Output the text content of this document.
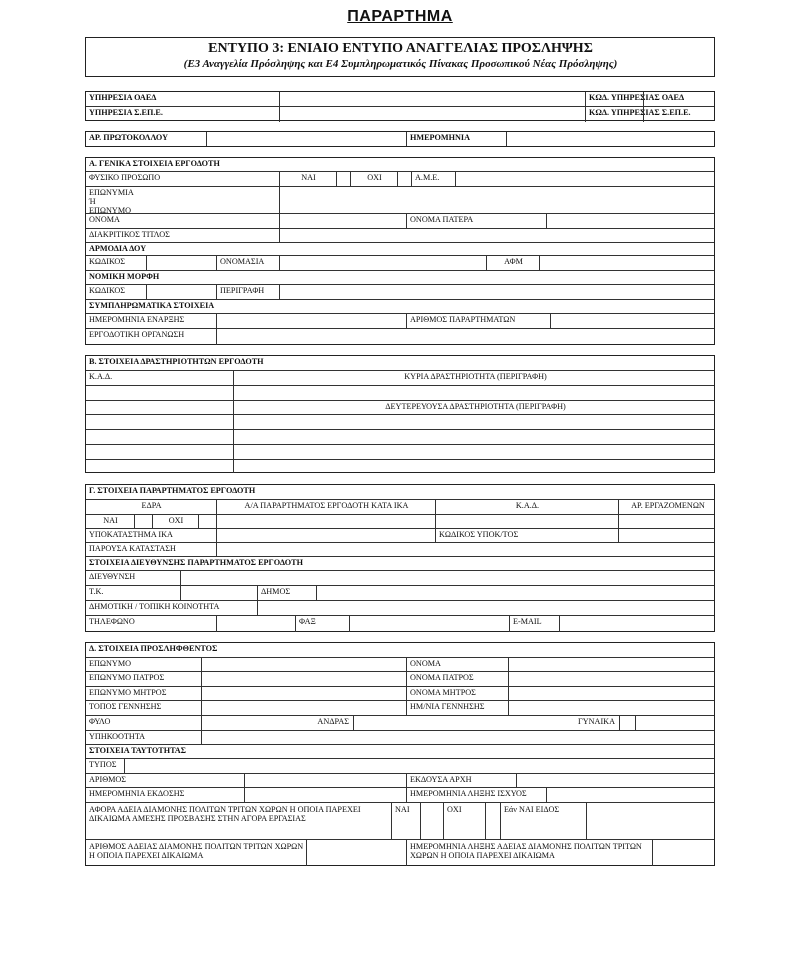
ΠΑΡΑΡΤΗΜΑ
ΕΝΤΥΠΟ 3: ΕΝΙΑΙΟ ΕΝΤΥΠΟ ΑΝΑΓΓΕΛΙΑΣ ΠΡΟΣΛΗΨΗΣ
(Ε3 Αναγγελία Πρόσληψης και Ε4 Συμπληρωματικός Πίνακας Προσωπικού Νέας Πρόσληψης)
ΥΠΗΡΕΣΙΑ ΟΑΕΔ	ΚΩΔ. ΥΠΗΡΕΣΙΑΣ ΟΑΕΔ
ΥΠΗΡΕΣΙΑ Σ.ΕΠ.Ε.	ΚΩΔ. ΥΠΗΡΕΣΙΑΣ Σ.ΕΠ.Ε.
ΑΡ. ΠΡΩΤΟΚΟΛΛΟΥ	ΗΜΕΡΟΜΗΝΙΑ
Α. ΓΕΝΙΚΑ ΣΤΟΙΧΕΙΑ ΕΡΓΟΔΟΤΗ
ΦΥΣΙΚΟ ΠΡΟΣΩΠΟ	ΝΑΙ	ΟΧΙ	Α.Μ.Ε.
ΕΠΩΝΥΜΙΑ Ή ΕΠΩΝΥΜΟ
ΟΝΟΜΑ	ΟΝΟΜΑ ΠΑΤΕΡΑ
ΔΙΑΚΡΙΤΙΚΟΣ ΤΙΤΛΟΣ
ΑΡΜΟΔΙΑ ΔΟΥ
ΚΩΔΙΚΟΣ	ΟΝΟΜΑΣΙΑ	ΑΦΜ
ΝΟΜΙΚΗ ΜΟΡΦΗ
ΚΩΔΙΚΟΣ	ΠΕΡΙΓΡΑΦΗ
ΣΥΜΠΛΗΡΩΜΑΤΙΚΑ ΣΤΟΙΧΕΙΑ
ΗΜΕΡΟΜΗΝΙΑ ΕΝΑΡΞΗΣ	ΑΡΙΘΜΟΣ ΠΑΡΑΡΤΗΜΑΤΩΝ
ΕΡΓΟΔΟΤΙΚΗ ΟΡΓΑΝΩΣΗ
Β. ΣΤΟΙΧΕΙΑ ΔΡΑΣΤΗΡΙΟΤΗΤΩΝ ΕΡΓΟΔΟΤΗ
Κ.Α.Δ.	ΚΥΡΙΑ ΔΡΑΣΤΗΡΙΟΤΗΤΑ (ΠΕΡΙΓΡΑΦΗ)
ΔΕΥΤΕΡΕΥΟΥΣΑ ΔΡΑΣΤΗΡΙΟΤΗΤΑ (ΠΕΡΙΓΡΑΦΗ)
Γ. ΣΤΟΙΧΕΙΑ ΠΑΡΑΡΤΗΜΑΤΟΣ ΕΡΓΟΔΟΤΗ
ΕΔΡΑ	Α/Α ΠΑΡΑΡΤΗΜΑΤΟΣ ΕΡΓΟΔΟΤΗ ΚΑΤΑ ΙΚΑ	Κ.Α.Δ.	ΑΡ. ΕΡΓΑΖΟΜΕΝΩΝ
ΝΑΙ	ΟΧΙ
ΥΠΟΚΑΤΑΣΤΗΜΑ ΙΚΑ	ΚΩΔΙΚΟΣ ΥΠΟΚ/ΤΟΣ
ΠΑΡΟΥΣΑ ΚΑΤΑΣΤΑΣΗ
ΣΤΟΙΧΕΙΑ ΔΙΕΥΘΥΝΣΗΣ ΠΑΡΑΡΤΗΜΑΤΟΣ ΕΡΓΟΔΟΤΗ
ΔΙΕΥΘΥΝΣΗ
Τ.Κ.	ΔΗΜΟΣ
ΔΗΜΟΤΙΚΗ / ΤΟΠΙΚΗ ΚΟΙΝΟΤΗΤΑ
ΤΗΛΕΦΩΝΟ	ΦΑΞ	E-MAIL
Δ. ΣΤΟΙΧΕΙΑ ΠΡΟΣΛΗΦΘΕΝΤΟΣ
ΕΠΩΝΥΜΟ	ΟΝΟΜΑ
ΕΠΩΝΥΜΟ ΠΑΤΡΟΣ	ΟΝΟΜΑ ΠΑΤΡΟΣ
ΕΠΩΝΥΜΟ ΜΗΤΡΟΣ	ΟΝΟΜΑ ΜΗΤΡΟΣ
ΤΟΠΟΣ ΓΕΝΝΗΣΗΣ	ΗΜ/ΝΙΑ ΓΕΝΝΗΣΗΣ
ΦΥΛΟ	ΑΝΔΡΑΣ	ΓΥΝΑΙΚΑ
ΥΠΗΚΟΟΤΗΤΑ
ΣΤΟΙΧΕΙΑ ΤΑΥΤΟΤΗΤΑΣ
ΤΥΠΟΣ
ΑΡΙΘΜΟΣ	ΕΚΔΟΥΣΑ ΑΡΧΗ
ΗΜΕΡΟΜΗΝΙΑ ΕΚΔΟΣΗΣ	ΗΜΕΡΟΜΗΝΙΑ ΛΗΞΗΣ ΙΣΧΥΟΣ
ΑΦΟΡΑ ΑΔΕΙΑ ΔΙΑΜΟΝΗΣ ΠΟΛΙΤΩΝ ΤΡΙΤΩΝ ΧΩΡΩΝ Η ΟΠΟΙΑ ΠΑΡΕΧΕΙ ΔΙΚΑΙΩΜΑ ΑΜΕΣΗΣ ΠΡΟΣΒΑΣΗΣ ΣΤΗΝ ΑΓΟΡΑ ΕΡΓΑΣΙΑΣ
ΝΑΙ	ΟΧΙ	Εάν ΝΑΙ ΕΙΔΟΣ
ΑΡΙΘΜΟΣ ΑΔΕΙΑΣ ΔΙΑΜΟΝΗΣ ΠΟΛΙΤΩΝ ΤΡΙΤΩΝ ΧΩΡΩΝ Η ΟΠΟΙΑ ΠΑΡΕΧΕΙ ΔΙΚΑΙΩΜΑ
ΗΜΕΡΟΜΗΝΙΑ ΛΗΞΗΣ ΑΔΕΙΑΣ ΔΙΑΜΟΝΗΣ ΠΟΛΙΤΩΝ ΤΡΙΤΩΝ ΧΩΡΩΝ Η ΟΠΟΙΑ ΠΑΡΕΧΕΙ ΔΙΚΑΙΩΜΑ
